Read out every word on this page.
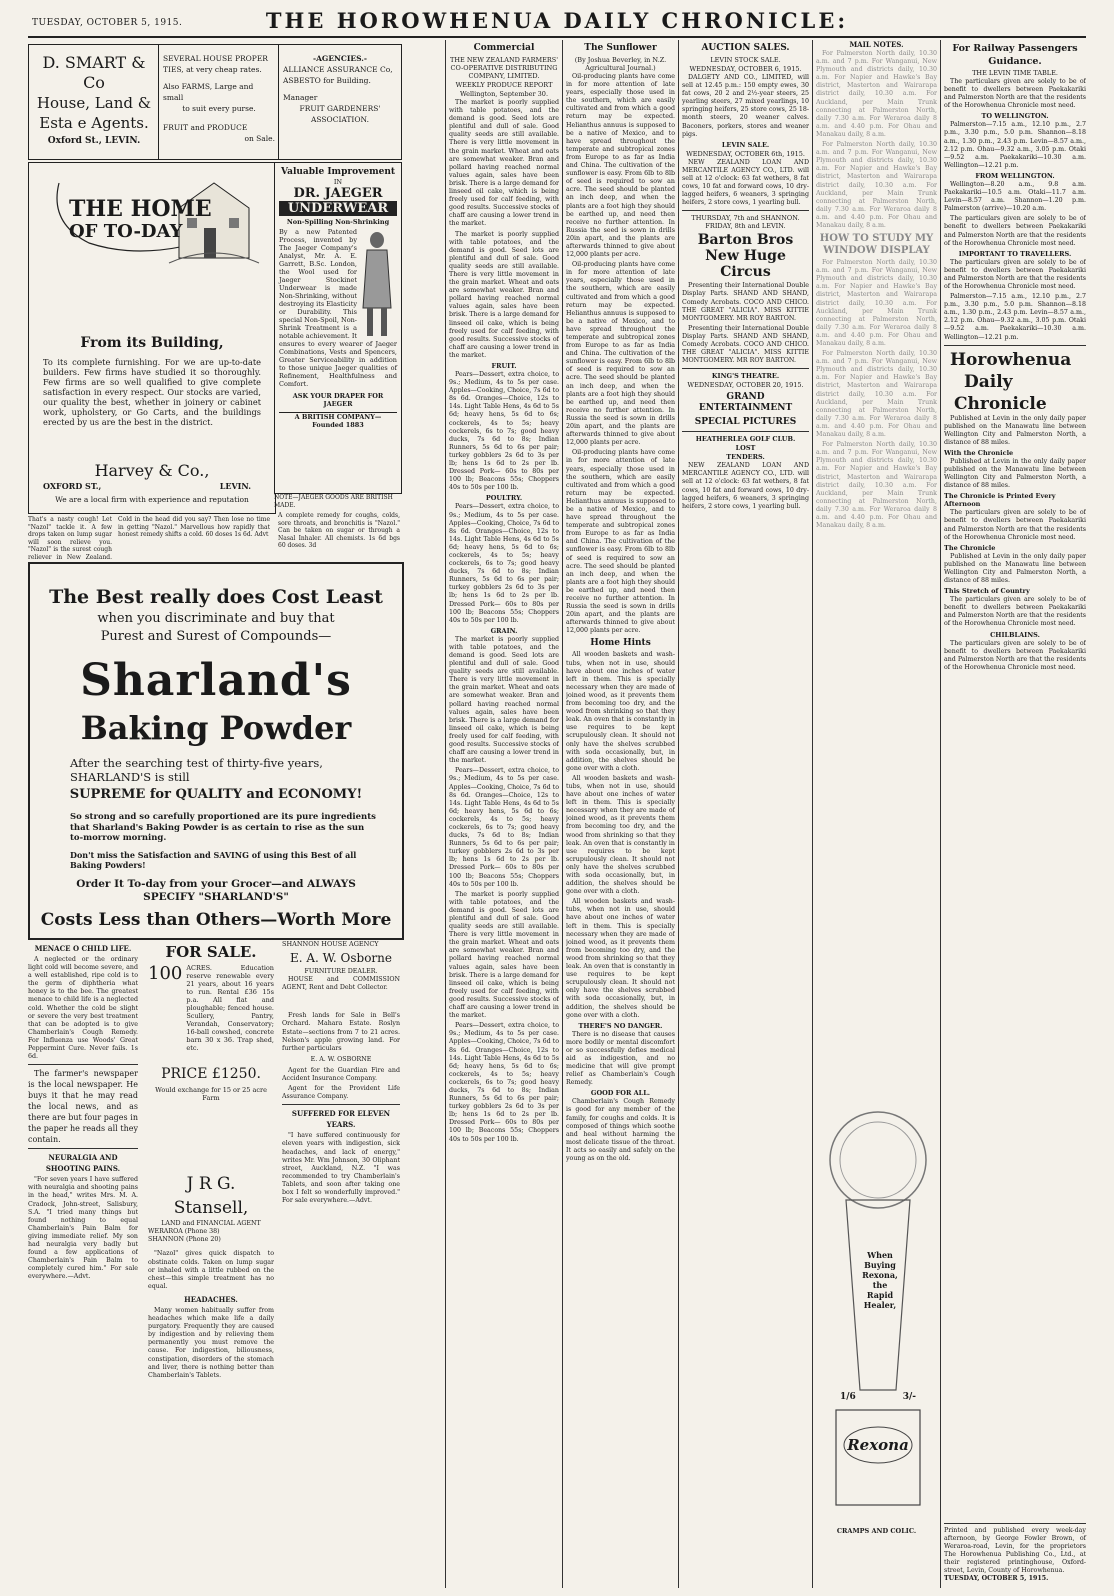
TUESDAY, OCTOBER 5, 1915.	THE HOROWHENUA DAILY CHRONICLE:
D. SMART & Co
House, Land &
Esta e Agents.
Oxford St., LEVIN.
SEVERAL HOUSE PROPER
TIES, at very cheap rates.
Also FARMS, Large and small
to suit every purse.
FRUIT and PRODUCE
on Sale.
-AGENCIES.-
ALLIANCE ASSURANCE Co,
ASBESTO for Building.
Manager
FRUIT GARDENERS'
ASSOCIATION.
THE HOME
OF TO-DAY
From its Building,
To its complete furnishing. For we are up-to-date builders. Few firms have studied it so thoroughly. Few firms are so well qualified to give complete satisfaction in every respect. Our stocks are varied, our quality the best, whether in joinery or cabinet work, upholstery, or Go Carts, and the buildings erected by us are the best in the district.
Harvey & Co.,
OXFORD ST.,	LEVIN.
We are a local firm with experience and reputation
Valuable Improvement
IN
DR. JAEGER
UNDERWEAR
Non-Spilling Non-Shrinking
By a new Patented Process, invented by The Jaeger Company's Analyst, Mr. A. E. Garrett, B.Sc. London, the Wool used for Jaeger Stockinet Underwear is made Non-Shrinking, without destroying its Elasticity or Durability. This special Non-Spoil, Non-Shrink Treatment is a notable achievement. It ensures to every wearer of Jaeger Combinations, Vests and Spencers, Greater Serviceability in addition to those unique Jaeger qualities of Refinement, Healthfulness and Comfort.
ASK YOUR DRAPER FOR JAEGER
A BRITISH COMPANY— Founded 1883
NOTE—JAEGER GOODS ARE BRITISH MADE.
That's a nasty cough! Let "Nazol" tackle it. A few drops taken on lump sugar will soon relieve you. "Nazol" is the surest cough reliever in New Zealand.
Cold in the head did you say? Then lose no time in getting "Nazol." Marvellous how rapidly that honest remedy shifts a cold. 60 doses 1s 6d. Advt
A complete remedy for coughs, colds, sore throats, and bronchitis is "Nazol." Can be taken on sugar or through a Nasal Inhaler. All chemists. 1s 6d bgs 60 doses. 3d
The Best really does Cost Least
when you discriminate and buy that
Purest and Surest of Compounds—
Sharland's
Baking Powder
After the searching test of thirty-five years, SHARLAND'S is still
SUPREME for QUALITY and ECONOMY!
So strong and so carefully proportioned are its pure ingredients that Sharland's Baking Powder is as certain to rise as the sun to-morrow morning.
Don't miss the Satisfaction and SAVING of using this Best of all Baking Powders!
Order It To-day from your Grocer—and ALWAYS SPECIFY "SHARLAND'S"
Costs Less than Others—Worth More
MENACE O CHILD LIFE.
A neglected or the ordinary light cold will become severe, and a well established, ripe cold is to the germ of diphtheria what honey is to the bee. The greatest menace to child life is a neglected cold. Whether the cold be slight or severe the very best treatment that can be adopted is to give Chamberlain's Cough Remedy. For Influenza use Woods' Great Peppermint Cure. Never fails. 1s 6d.
The farmer's newspaper is the local newspaper. He buys it that he may read the local news, and as there are but four pages in the paper he reads all they contain.
NEURALGIA AND SHOOTING PAINS.
"For seven years I have suffered with neuralgia and shooting pains in the head," writes Mrs. M. A. Cradock, John-street, Salisbury, S.A. "I tried many things but found nothing to equal Chamberlain's Pain Balm for giving immediate relief. My son had neuralgia very badly but found a few applications of Chamberlain's Pain Balm to completely cured him." For sale everywhere.—Advt.
FOR SALE.
100 ACRES. Education reserve renewable every 21 years, about 16 years to run. Rental £36 15s p.a. All flat and ploughable; fenced house. Scullery, Pantry, Verandah, Conservatory; 16-ball cowshed, concrete barn 30 x 36. Trap shed, etc.
PRICE £1250.
Would exchange for 15 or 25 acre Farm
J R G. Stansell,
LAND and FINANCIAL AGENT
WERAROA (Phone 38)
SHANNON (Phone 20)
"Nazol" gives quick dispatch to obstinate colds. Taken on lump sugar or inhaled with a little rubbed on the chest—this simple treatment has no equal.
HEADACHES.
Many women habitually suffer from headaches which make life a daily purgatory. Frequently they are caused by indigestion and by relieving them permanently you must remove the cause. For indigestion, biliousness, constipation, disorders of the stomach and liver, there is nothing better than Chamberlain's Tablets.
SHANNON HOUSE AGENCY
E. A. W. Osborne
FURNITURE DEALER.
HOUSE and COMMISSION AGENT, Rent and Debt Collector.
Fresh lands for Sale in Bell's Orchard. Mahara Estate. Roslyn Estate—sections from 7 to 21 acres. Nelson's apple growing land. For further particulars
E. A. W. OSBORNE
Agent for the Guardian Fire and Accident Insurance Company.
Agent for the Provident Life Assurance Company.
SUFFERED FOR ELEVEN YEARS.
"I have suffered continuously for eleven years with indigestion, sick headaches, and lack of energy," writes Mr. Wm Johnson, 30 Oliphant street, Auckland, N.Z. "I was recommended to try Chamberlain's Tablets, and soon after taking one box I felt so wonderfully improved." For sale everywhere.—Advt.
Commercial
THE NEW ZEALAND FARMERS' CO-OPERATIVE DISTRIBUTING COMPANY, LIMITED.
WEEKLY PRODUCE REPORT
Wellington, September 30.
The market is poorly supplied with table potatoes, and the demand is good. Seed lots are plentiful and dull of sale. Good quality seeds are still available. There is very little movement in the grain market. Wheat and oats are somewhat weaker. Bran and pollard having reached normal values again, sales have been brisk. There is a large demand for linseed oil cake, which is being freely used for calf feeding, with good results. Successive stocks of chaff are causing a lower trend in the market.
The market is poorly supplied with table potatoes, and the demand is good. Seed lots are plentiful and dull of sale. Good quality seeds are still available. There is very little movement in the grain market. Wheat and oats are somewhat weaker. Bran and pollard having reached normal values again, sales have been brisk. There is a large demand for linseed oil cake, which is being freely used for calf feeding, with good results. Successive stocks of chaff are causing a lower trend in the market.
FRUIT.
Pears—Dessert, extra choice, to 9s.; Medium, 4s to 5s per case. Apples—Cooking, Choice, 7s 6d to 8s 6d. Oranges—Choice, 12s to 14s. Light Table Hens, 4s 6d to 5s 6d; heavy hens, 5s 6d to 6s; cockerels, 4s to 5s; heavy cockerels, 6s to 7s; good heavy ducks, 7s 6d to 8s; Indian Runners, 5s 6d to 6s per pair; turkey gobblers 2s 6d to 3s per lb; hens 1s 6d to 2s per lb. Dressed Pork— 60s to 80s per 100 lb; Beacons 55s; Choppers 40s to 50s per 100 lb.
POULTRY.
Pears—Dessert, extra choice, to 9s.; Medium, 4s to 5s per case. Apples—Cooking, Choice, 7s 6d to 8s 6d. Oranges—Choice, 12s to 14s. Light Table Hens, 4s 6d to 5s 6d; heavy hens, 5s 6d to 6s; cockerels, 4s to 5s; heavy cockerels, 6s to 7s; good heavy ducks, 7s 6d to 8s; Indian Runners, 5s 6d to 6s per pair; turkey gobblers 2s 6d to 3s per lb; hens 1s 6d to 2s per lb. Dressed Pork— 60s to 80s per 100 lb; Beacons 55s; Choppers 40s to 50s per 100 lb.
GRAIN.
The market is poorly supplied with table potatoes, and the demand is good. Seed lots are plentiful and dull of sale. Good quality seeds are still available. There is very little movement in the grain market. Wheat and oats are somewhat weaker. Bran and pollard having reached normal values again, sales have been brisk. There is a large demand for linseed oil cake, which is being freely used for calf feeding, with good results. Successive stocks of chaff are causing a lower trend in the market.
Pears—Dessert, extra choice, to 9s.; Medium, 4s to 5s per case. Apples—Cooking, Choice, 7s 6d to 8s 6d. Oranges—Choice, 12s to 14s. Light Table Hens, 4s 6d to 5s 6d; heavy hens, 5s 6d to 6s; cockerels, 4s to 5s; heavy cockerels, 6s to 7s; good heavy ducks, 7s 6d to 8s; Indian Runners, 5s 6d to 6s per pair; turkey gobblers 2s 6d to 3s per lb; hens 1s 6d to 2s per lb. Dressed Pork— 60s to 80s per 100 lb; Beacons 55s; Choppers 40s to 50s per 100 lb.
The market is poorly supplied with table potatoes, and the demand is good. Seed lots are plentiful and dull of sale. Good quality seeds are still available. There is very little movement in the grain market. Wheat and oats are somewhat weaker. Bran and pollard having reached normal values again, sales have been brisk. There is a large demand for linseed oil cake, which is being freely used for calf feeding, with good results. Successive stocks of chaff are causing a lower trend in the market.
Pears—Dessert, extra choice, to 9s.; Medium, 4s to 5s per case. Apples—Cooking, Choice, 7s 6d to 8s 6d. Oranges—Choice, 12s to 14s. Light Table Hens, 4s 6d to 5s 6d; heavy hens, 5s 6d to 6s; cockerels, 4s to 5s; heavy cockerels, 6s to 7s; good heavy ducks, 7s 6d to 8s; Indian Runners, 5s 6d to 6s per pair; turkey gobblers 2s 6d to 3s per lb; hens 1s 6d to 2s per lb. Dressed Pork— 60s to 80s per 100 lb; Beacons 55s; Choppers 40s to 50s per 100 lb.
The Sunflower
(By Joshua Beverley, in N.Z. Agricultural Journal.)
Oil-producing plants have come in for more attention of late years, especially those used in the southern, which are easily cultivated and from which a good return may be expected. Helianthus annuus is supposed to be a native of Mexico, and to have spread throughout the temperate and subtropical zones from Europe to as far as India and China. The cultivation of the sunflower is easy. From 6lb to 8lb of seed is required to sow an acre. The seed should be planted an inch deep, and when the plants are a foot high they should be earthed up, and need then receive no further attention. In Russia the seed is sown in drills 20in apart, and the plants are afterwards thinned to give about 12,000 plants per acre.
Oil-producing plants have come in for more attention of late years, especially those used in the southern, which are easily cultivated and from which a good return may be expected. Helianthus annuus is supposed to be a native of Mexico, and to have spread throughout the temperate and subtropical zones from Europe to as far as India and China. The cultivation of the sunflower is easy. From 6lb to 8lb of seed is required to sow an acre. The seed should be planted an inch deep, and when the plants are a foot high they should be earthed up, and need then receive no further attention. In Russia the seed is sown in drills 20in apart, and the plants are afterwards thinned to give about 12,000 plants per acre.
Oil-producing plants have come in for more attention of late years, especially those used in the southern, which are easily cultivated and from which a good return may be expected. Helianthus annuus is supposed to be a native of Mexico, and to have spread throughout the temperate and subtropical zones from Europe to as far as India and China. The cultivation of the sunflower is easy. From 6lb to 8lb of seed is required to sow an acre. The seed should be planted an inch deep, and when the plants are a foot high they should be earthed up, and need then receive no further attention. In Russia the seed is sown in drills 20in apart, and the plants are afterwards thinned to give about 12,000 plants per acre.
Home Hints
All wooden baskets and wash-tubs, when not in use, should have about one inches of water left in them. This is specially necessary when they are made of joined wood, as it prevents them from becoming too dry, and the wood from shrinking so that they leak. An oven that is constantly in use requires to be kept scrupulously clean. It should not only have the shelves scrubbed with soda occasionally, but, in addition, the shelves should be gone over with a cloth.
All wooden baskets and wash-tubs, when not in use, should have about one inches of water left in them. This is specially necessary when they are made of joined wood, as it prevents them from becoming too dry, and the wood from shrinking so that they leak. An oven that is constantly in use requires to be kept scrupulously clean. It should not only have the shelves scrubbed with soda occasionally, but, in addition, the shelves should be gone over with a cloth.
All wooden baskets and wash-tubs, when not in use, should have about one inches of water left in them. This is specially necessary when they are made of joined wood, as it prevents them from becoming too dry, and the wood from shrinking so that they leak. An oven that is constantly in use requires to be kept scrupulously clean. It should not only have the shelves scrubbed with soda occasionally, but, in addition, the shelves should be gone over with a cloth.
THERE'S NO DANGER.
There is no disease that causes more bodily or mental discomfort or so successfully defies medical aid as indigestion, and no medicine that will give prompt relief as Chamberlain's Cough Remedy.
GOOD FOR ALL.
Chamberlain's Cough Remedy is good for any member of the family, for coughs and colds. It is composed of things which soothe and heal without harming the most delicate tissue of the throat. It acts so easily and safely on the young as on the old.
AUCTION SALES.
LEVIN STOCK SALE.
WEDNESDAY, OCTOBER 6, 1915.
DALGETY AND CO., LIMITED, will sell at 12.45 p.m.: 150 empty ewes, 30 fat cows, 20 2 and 2½-year steers, 25 yearling steers, 27 mixed yearlings, 10 springing heifers, 25 store cows, 25 18-month steers, 20 weaner calves. Baconers, porkers, stores and weaner pigs.
LEVIN SALE.
WEDNESDAY, OCTOBER 6th, 1915.
NEW ZEALAND LOAN AND MERCANTILE AGENCY CO., LTD. will sell at 12 o'clock: 63 fat wethers, 8 fat cows, 10 fat and forward cows, 10 dry-lagged heifers, 6 weaners, 3 springing heifers, 2 store cows, 1 yearling bull.
THURSDAY, 7th and SHANNON. FRIDAY, 8th and LEVIN.
Barton Bros New Huge Circus
Presenting their International Double Display Parts. SHAND AND SHAND, Comedy Acrobats. COCO AND CHICO. THE GREAT "ALICIA". MISS KITTIE MONTGOMERY. MR ROY BARTON.
Presenting their International Double Display Parts. SHAND AND SHAND, Comedy Acrobats. COCO AND CHICO. THE GREAT "ALICIA". MISS KITTIE MONTGOMERY. MR ROY BARTON.
KING'S THEATRE.
WEDNESDAY, OCTOBER 20, 1915.
GRAND ENTERTAINMENT
SPECIAL PICTURES
HEATHERLEA GOLF CLUB.
LOST
TENDERS.
NEW ZEALAND LOAN AND MERCANTILE AGENCY CO., LTD. will sell at 12 o'clock: 63 fat wethers, 8 fat cows, 10 fat and forward cows, 10 dry-lagged heifers, 6 weaners, 3 springing heifers, 2 store cows, 1 yearling bull.
MAIL NOTES.
For Palmerston North daily, 10.30 a.m. and 7 p.m. For Wanganui, New Plymouth and districts daily, 10.30 a.m. For Napier and Hawke's Bay district, Masterton and Wairarapa district daily, 10.30 a.m. For Auckland, per Main Trunk connecting at Palmerston North, daily 7.30 a.m. For Weraroa daily 8 a.m. and 4.40 p.m. For Ohau and Manakau daily, 8 a.m.
For Palmerston North daily, 10.30 a.m. and 7 p.m. For Wanganui, New Plymouth and districts daily, 10.30 a.m. For Napier and Hawke's Bay district, Masterton and Wairarapa district daily, 10.30 a.m. For Auckland, per Main Trunk connecting at Palmerston North, daily 7.30 a.m. For Weraroa daily 8 a.m. and 4.40 p.m. For Ohau and Manakau daily, 8 a.m.
HOW TO STUDY MY WINDOW DISPLAY
For Palmerston North daily, 10.30 a.m. and 7 p.m. For Wanganui, New Plymouth and districts daily, 10.30 a.m. For Napier and Hawke's Bay district, Masterton and Wairarapa district daily, 10.30 a.m. For Auckland, per Main Trunk connecting at Palmerston North, daily 7.30 a.m. For Weraroa daily 8 a.m. and 4.40 p.m. For Ohau and Manakau daily, 8 a.m.
For Palmerston North daily, 10.30 a.m. and 7 p.m. For Wanganui, New Plymouth and districts daily, 10.30 a.m. For Napier and Hawke's Bay district, Masterton and Wairarapa district daily, 10.30 a.m. For Auckland, per Main Trunk connecting at Palmerston North, daily 7.30 a.m. For Weraroa daily 8 a.m. and 4.40 p.m. For Ohau and Manakau daily, 8 a.m.
For Palmerston North daily, 10.30 a.m. and 7 p.m. For Wanganui, New Plymouth and districts daily, 10.30 a.m. For Napier and Hawke's Bay district, Masterton and Wairarapa district daily, 10.30 a.m. For Auckland, per Main Trunk connecting at Palmerston North, daily 7.30 a.m. For Weraroa daily 8 a.m. and 4.40 p.m. For Ohau and Manakau daily, 8 a.m.
When Buying Rexona, the Rapid Healer,
1/6	3/-
Rexona
CRAMPS AND COLIC.
For Railway Passengers
Guidance.
THE LEVIN TIME TABLE.
The particulars given are solely to be of benefit to dwellers between Paekakariki and Palmerston North are that the residents of the Horowhenua Chronicle most need.
TO WELLINGTON.
Palmerston—7.15 a.m., 12.10 p.m., 2.7 p.m., 3.30 p.m., 5.0 p.m. Shannon—8.18 a.m., 1.30 p.m., 2.43 p.m. Levin—8.57 a.m., 2.12 p.m. Ohau—9.32 a.m., 3.05 p.m. Otaki—9.52 a.m. Paekakariki—10.30 a.m. Wellington—12.21 p.m.
FROM WELLINGTON.
Wellington—8.20 a.m., 9.8 a.m. Paekakariki—10.5 a.m. Otaki—11.7 a.m. Levin—8.57 a.m. Shannon—1.20 p.m. Palmerston (arrive)—10.20 a.m.
The particulars given are solely to be of benefit to dwellers between Paekakariki and Palmerston North are that the residents of the Horowhenua Chronicle most need.
IMPORTANT TO TRAVELLERS.
The particulars given are solely to be of benefit to dwellers between Paekakariki and Palmerston North are that the residents of the Horowhenua Chronicle most need.
Palmerston—7.15 a.m., 12.10 p.m., 2.7 p.m., 3.30 p.m., 5.0 p.m. Shannon—8.18 a.m., 1.30 p.m., 2.43 p.m. Levin—8.57 a.m., 2.12 p.m. Ohau—9.32 a.m., 3.05 p.m. Otaki—9.52 a.m. Paekakariki—10.30 a.m. Wellington—12.21 p.m.
Horowhenua
Daily
Chronicle
Published at Levin in the only daily paper published on the Manawatu line between Wellington City and Palmerston North, a distance of 88 miles.
With the Chronicle
Published at Levin in the only daily paper published on the Manawatu line between Wellington City and Palmerston North, a distance of 88 miles.
The Chronicle is Printed Every Afternoon
The particulars given are solely to be of benefit to dwellers between Paekakariki and Palmerston North are that the residents of the Horowhenua Chronicle most need.
The Chronicle
Published at Levin in the only daily paper published on the Manawatu line between Wellington City and Palmerston North, a distance of 88 miles.
This Stretch of Country
The particulars given are solely to be of benefit to dwellers between Paekakariki and Palmerston North are that the residents of the Horowhenua Chronicle most need.
CHILBLAINS.
The particulars given are solely to be of benefit to dwellers between Paekakariki and Palmerston North are that the residents of the Horowhenua Chronicle most need.
Printed and published every week-day afternoon, by George Fowler Brown, of Weraroa-road, Levin, for the proprietors The Horowhenua Publishing Co., Ltd., at their registered printinghouse, Oxford-street, Levin, County of Horowhenua.
TUESDAY, OCTOBER 5, 1915.
